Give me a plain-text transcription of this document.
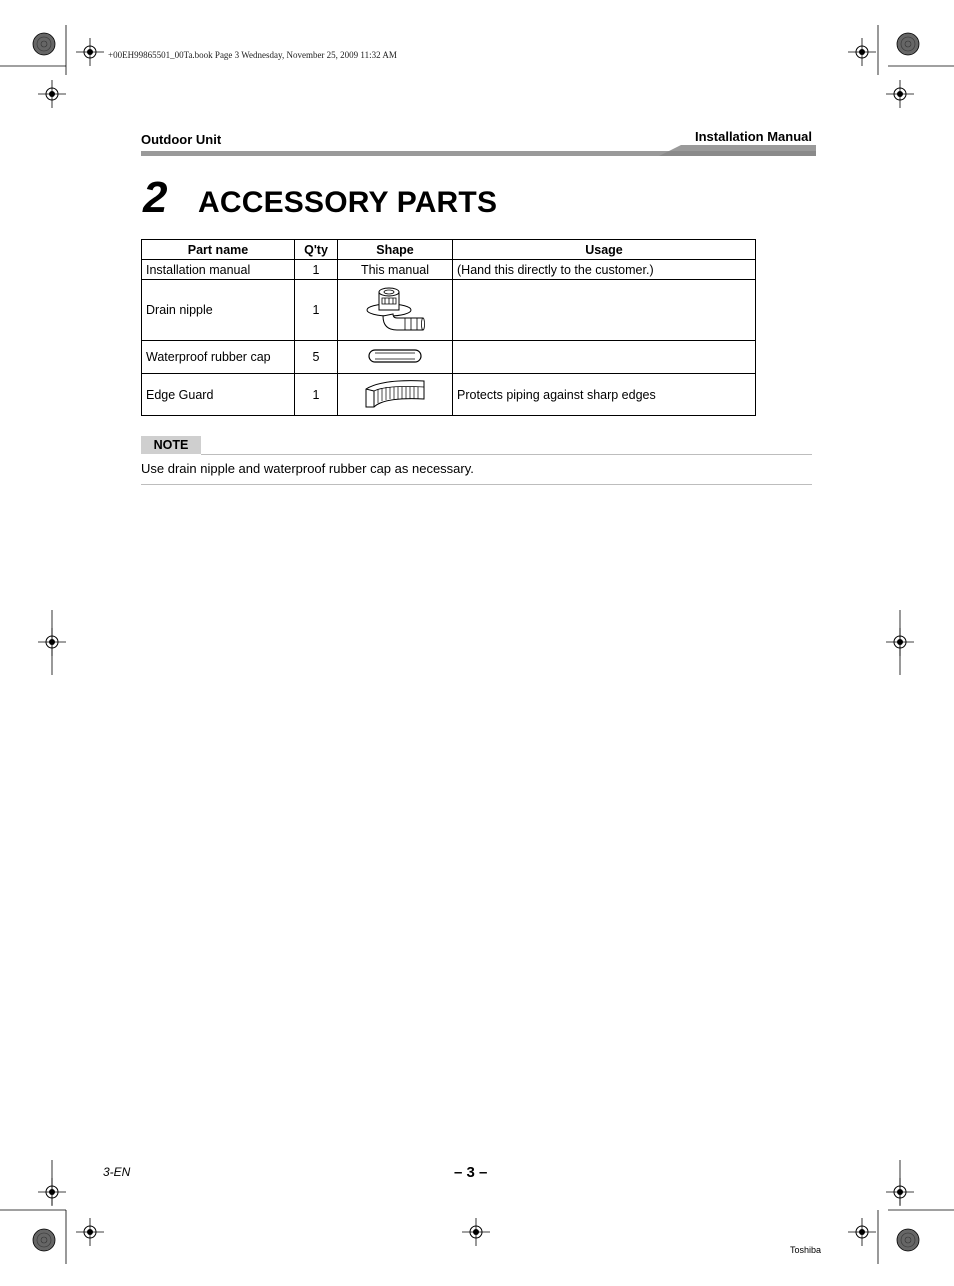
+00EH99865501_00Ta.book Page 3 Wednesday, November 25, 2009 11:32 AM
Outdoor Unit	Installation Manual
2 ACCESSORY PARTS
Part name	Q'ty	Shape	Usage
Installation manual	1	This manual	(Hand this directly to the customer.)
Drain nipple	1		
Waterproof rubber cap	5		
Edge Guard	1		Protects piping against sharp edges
NOTE
Use drain nipple and waterproof rubber cap as necessary.
3-EN	– 3 –
Toshiba
